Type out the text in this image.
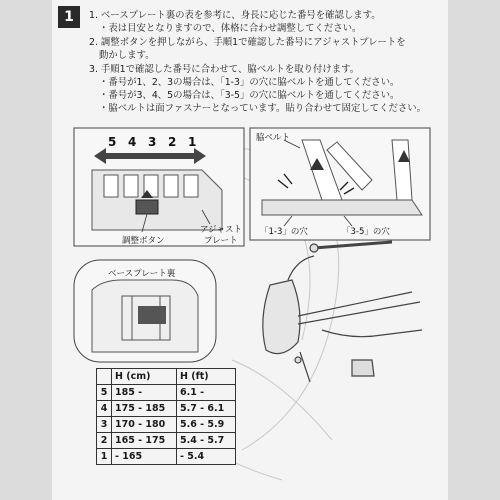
1	1. ベースプレート裏の表を参考に、身長に応じた番号を確認します。
・表は目安となりますので、体格に合わせ調整してください。
2. 調整ボタンを押しながら、手順1で確認した番号にアジャストプレートを
動かします。
3. 手順1で確認した番号に合わせて、脇ベルトを取り付けます。
・番号が1、2、3の場合は、「1-3」の穴に脇ベルトを通してください。
・番号が3、4、5の場合は、「3-5」の穴に脇ベルトを通してください。
・脇ベルトは面ファスナーとなっています。貼り合わせて固定してください。
5 4 3 2 1
調整ボタン
アジャスト
プレート
脇ベルト
「1-3」の穴	「3-5」の穴
ベースプレート裏
	H (cm)	H (ft)
5	185 -	6.1 -
4	175 - 185	5.7 - 6.1
3	170 - 180	5.6 - 5.9
2	165 - 175	5.4 - 5.7
1	- 165	- 5.4
